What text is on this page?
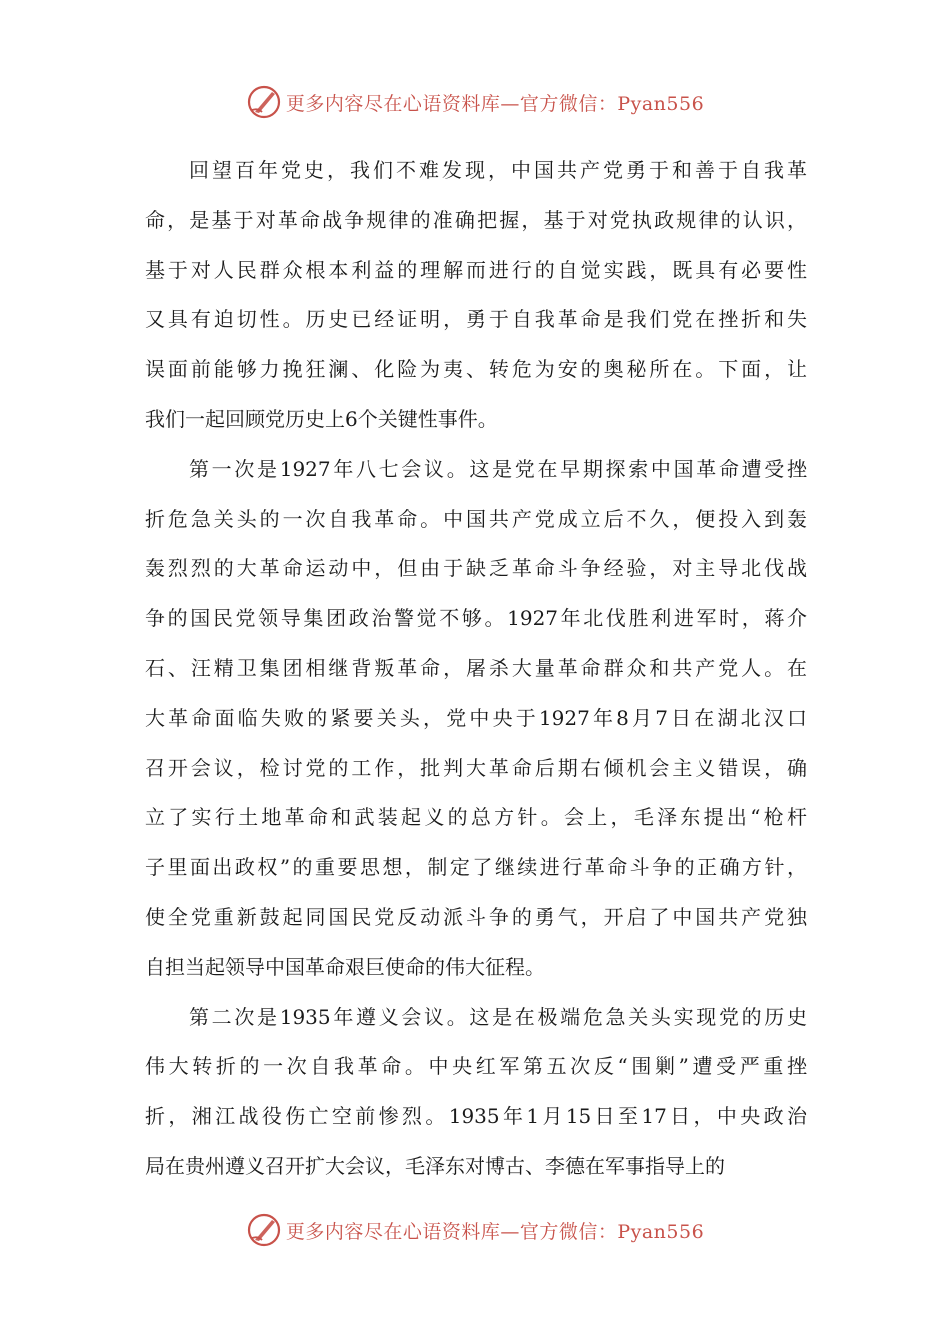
更多内容尽在心语资料库—官方微信：Pyan556
回望百年党史，我们不难发现，中国共产党勇于和善于自我革
命，是基于对革命战争规律的准确把握，基于对党执政规律的认识，
基于对人民群众根本利益的理解而进行的自觉实践，既具有必要性
又具有迫切性。历史已经证明，勇于自我革命是我们党在挫折和失
误面前能够力挽狂澜、化险为夷、转危为安的奥秘所在。下面，让
我们一起回顾党历史上6个关键性事件。
第一次是1927年八七会议。这是党在早期探索中国革命遭受挫
折危急关头的一次自我革命。中国共产党成立后不久，便投入到轰
轰烈烈的大革命运动中，但由于缺乏革命斗争经验，对主导北伐战
争的国民党领导集团政治警觉不够。1927年北伐胜利进军时，蒋介
石、汪精卫集团相继背叛革命，屠杀大量革命群众和共产党人。在
大革命面临失败的紧要关头，党中央于1927年8月7日在湖北汉口
召开会议，检讨党的工作，批判大革命后期右倾机会主义错误，确
立了实行土地革命和武装起义的总方针。会上，毛泽东提出“枪杆
子里面出政权”的重要思想，制定了继续进行革命斗争的正确方针，
使全党重新鼓起同国民党反动派斗争的勇气，开启了中国共产党独
自担当起领导中国革命艰巨使命的伟大征程。
第二次是1935年遵义会议。这是在极端危急关头实现党的历史
伟大转折的一次自我革命。中央红军第五次反“围剿”遭受严重挫
折，湘江战役伤亡空前惨烈。1935年1月15日至17日，中央政治
局在贵州遵义召开扩大会议，毛泽东对博古、李德在军事指导上的
更多内容尽在心语资料库—官方微信：Pyan556
